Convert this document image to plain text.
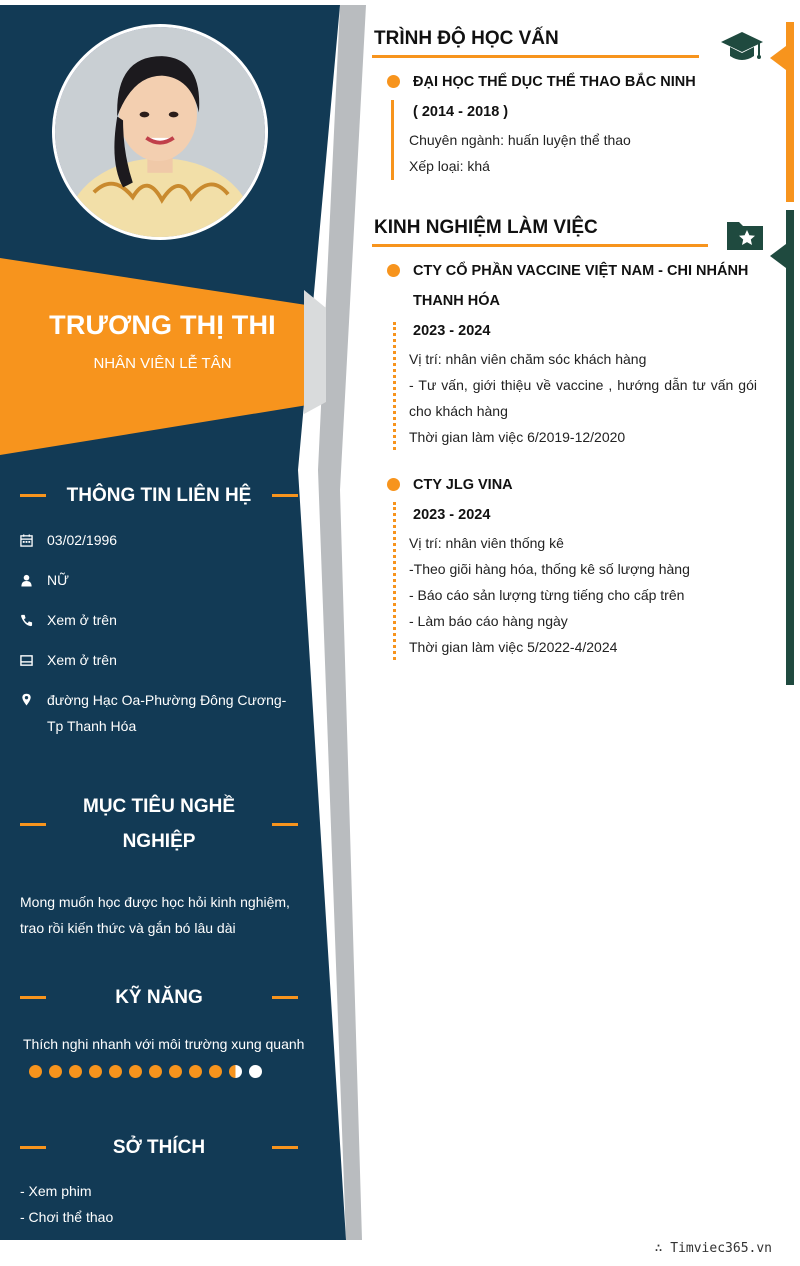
TRƯƠNG THỊ THI
NHÂN VIÊN LỄ TÂN
THÔNG TIN LIÊN HỆ
03/02/1996
NỮ
Xem ở trên
Xem ở trên
đường Hạc Oa-Phường Đông Cương-Tp Thanh Hóa
MỤC TIÊU NGHỀ NGHIỆP
Mong muốn học được học hỏi kinh nghiệm, trao rồi kiến thức và gắn bó lâu dài
KỸ NĂNG
Thích nghi nhanh với môi trường xung quanh
SỞ THÍCH
- Xem phim
- Chơi thể thao
TRÌNH ĐỘ HỌC VẤN
ĐẠI HỌC THỂ DỤC THỂ THAO BẮC NINH
( 2014 - 2018 )
Chuyên ngành: huấn luyện thể thao
Xếp loại: khá
KINH NGHIỆM LÀM VIỆC
CTY CỔ PHẦN VACCINE VIỆT NAM - CHI NHÁNH
THANH HÓA
2023 - 2024
Vị trí: nhân viên chăm sóc khách hàng
- Tư vấn, giới thiệu về vaccine , hướng dẫn tư vấn gói cho khách hàng
Thời gian làm việc 6/2019-12/2020
CTY JLG VINA
2023 - 2024
Vị trí: nhân viên thống kê
-Theo giõi hàng hóa, thống kê số lượng hàng
- Báo cáo sản lượng từng tiếng cho cấp trên
- Làm báo cáo hàng ngày
Thời gian làm việc 5/2022-4/2024
∴ Timviec365.vn
